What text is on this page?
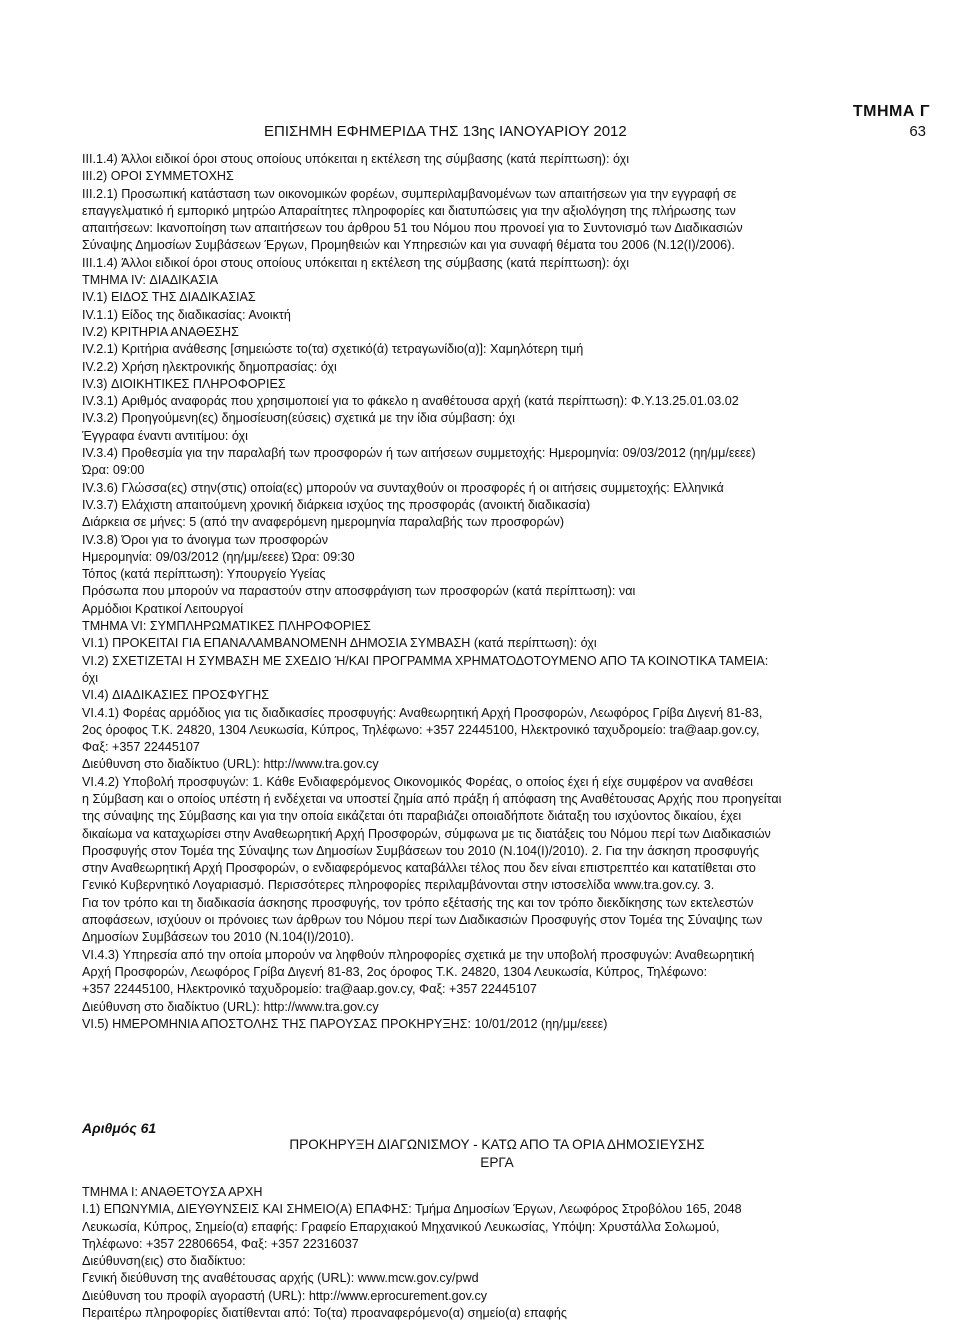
ΤΜΗΜΑ Γ
ΕΠΙΣΗΜΗ ΕΦΗΜΕΡΙΔΑ ΤΗΣ 13ης ΙΑΝΟΥΑΡΙΟΥ 2012	63
III.1.4) Άλλοι ειδικοί όροι στους οποίους υπόκειται η εκτέλεση της σύμβασης (κατά περίπτωση): όχι
III.2) ΟΡΟΙ ΣΥΜΜΕΤΟΧΗΣ
III.2.1) Προσωπική κατάσταση των οικονομικών φορέων, συμπεριλαμβανομένων των απαιτήσεων για την εγγραφή σε
επαγγελματικό ή εμπορικό μητρώο Απαραίτητες πληροφορίες και διατυπώσεις για την αξιολόγηση της πλήρωσης των
απαιτήσεων: Ικανοποίηση των απαιτήσεων του άρθρου 51 του Νόμου που προνοεί για το Συντονισμό των Διαδικασιών
Σύναψης Δημοσίων Συμβάσεων Έργων, Προμηθειών και Υπηρεσιών και για συναφή θέματα του 2006 (Ν.12(Ι)/2006).
III.1.4) Άλλοι ειδικοί όροι στους οποίους υπόκειται η εκτέλεση της σύμβασης (κατά περίπτωση): όχι
ΤΜΗΜΑ IV: ΔΙΑΔΙΚΑΣΙΑ
IV.1) ΕΙΔΟΣ ΤΗΣ ΔΙΑΔΙΚΑΣΙΑΣ
IV.1.1) Είδος της διαδικασίας: Ανοικτή
IV.2) ΚΡΙΤΗΡΙΑ ΑΝΑΘΕΣΗΣ
IV.2.1) Κριτήρια ανάθεσης [σημειώστε το(τα) σχετικό(ά) τετραγωνίδιο(α)]: Χαμηλότερη τιμή
IV.2.2) Χρήση ηλεκτρονικής δημοπρασίας: όχι
IV.3) ΔΙΟΙΚΗΤΙΚΕΣ ΠΛΗΡΟΦΟΡΙΕΣ
IV.3.1) Αριθμός αναφοράς που χρησιμοποιεί για το φάκελο η αναθέτουσα αρχή (κατά περίπτωση): Φ.Υ.13.25.01.03.02
IV.3.2) Προηγούμενη(ες) δημοσίευση(εύσεις) σχετικά με την ίδια σύμβαση: όχι
Έγγραφα έναντι αντιτίμου: όχι
IV.3.4) Προθεσμία για την παραλαβή των προσφορών ή των αιτήσεων συμμετοχής: Ημερομηνία: 09/03/2012 (ηη/μμ/εεεε)
Ώρα: 09:00
IV.3.6) Γλώσσα(ες) στην(στις) οποία(ες) μπορούν να συνταχθούν οι προσφορές ή οι αιτήσεις συμμετοχής: Ελληνικά
IV.3.7) Ελάχιστη απαιτούμενη χρονική διάρκεια ισχύος της προσφοράς (ανοικτή διαδικασία)
Διάρκεια σε μήνες: 5 (από την αναφερόμενη ημερομηνία παραλαβής των προσφορών)
IV.3.8) Όροι για το άνοιγμα των προσφορών
Ημερομηνία: 09/03/2012 (ηη/μμ/εεεε) Ώρα: 09:30
Τόπος (κατά περίπτωση): Υπουργείο Υγείας
Πρόσωπα που μπορούν να παραστούν στην αποσφράγιση των προσφορών (κατά περίπτωση): ναι
Αρμόδιοι Κρατικοί Λειτουργοί
ΤΜΗΜΑ VI: ΣΥΜΠΛΗΡΩΜΑΤΙΚΕΣ ΠΛΗΡΟΦΟΡΙΕΣ
VI.1) ΠΡΟΚΕΙΤΑΙ ΓΙΑ ΕΠΑΝΑΛΑΜΒΑΝΟΜΕΝΗ ΔΗΜΟΣΙΑ ΣΥΜΒΑΣΗ (κατά περίπτωση): όχι
VI.2) ΣΧΕΤΙΖΕΤΑΙ Η ΣΥΜΒΑΣΗ ΜΕ ΣΧΕΔΙΟ Ή/ΚΑΙ ΠΡΟΓΡΑΜΜΑ ΧΡΗΜΑΤΟΔΟΤΟΥΜΕΝΟ ΑΠΟ ΤΑ ΚΟΙΝΟΤΙΚΑ ΤΑΜΕΙΑ:
όχι
VI.4) ΔΙΑΔΙΚΑΣΙΕΣ ΠΡΟΣΦΥΓΗΣ
VI.4.1) Φορέας αρμόδιος για τις διαδικασίες προσφυγής: Αναθεωρητική Αρχή Προσφορών, Λεωφόρος Γρίβα Διγενή 81-83,
2ος όροφος Τ.Κ. 24820, 1304 Λευκωσία, Κύπρος, Τηλέφωνο: +357 22445100, Ηλεκτρονικό ταχυδρομείο: tra@aap.gov.cy,
Φαξ: +357 22445107
Διεύθυνση στο διαδίκτυο (URL): http://www.tra.gov.cy
VI.4.2) Υποβολή προσφυγών: 1. Κάθε Ενδιαφερόμενος Οικονομικός Φορέας, ο οποίος έχει ή είχε συμφέρον να αναθέσει
η Σύμβαση και ο οποίος υπέστη ή ενδέχεται να υποστεί ζημία από πράξη ή απόφαση της Αναθέτουσας Αρχής που προηγείται
της σύναψης της Σύμβασης και για την οποία εικάζεται ότι παραβιάζει οποιαδήποτε διάταξη του ισχύοντος δικαίου, έχει
δικαίωμα να καταχωρίσει στην Αναθεωρητική Αρχή Προσφορών, σύμφωνα με τις διατάξεις του Νόμου περί των Διαδικασιών
Προσφυγής στον Τομέα της Σύναψης των Δημοσίων Συμβάσεων του 2010 (Ν.104(Ι)/2010). 2. Για την άσκηση προσφυγής
στην Αναθεωρητική Αρχή Προσφορών, ο ενδιαφερόμενος καταβάλλει τέλος που δεν είναι επιστρεπτέο και κατατίθεται στο
Γενικό Κυβερνητικό Λογαριασμό. Περισσότερες πληροφορίες περιλαμβάνονται στην ιστοσελίδα www.tra.gov.cy. 3.
Για τον τρόπο και τη διαδικασία άσκησης προσφυγής, τον τρόπο εξέτασής της και τον τρόπο διεκδίκησης των εκτελεστών
αποφάσεων, ισχύουν οι πρόνοιες των άρθρων του Νόμου περί των Διαδικασιών Προσφυγής στον Τομέα της Σύναψης των
Δημοσίων Συμβάσεων του 2010 (Ν.104(Ι)/2010).
VI.4.3) Υπηρεσία από την οποία μπορούν να ληφθούν πληροφορίες σχετικά με την υποβολή προσφυγών: Αναθεωρητική
Αρχή Προσφορών, Λεωφόρος Γρίβα Διγενή 81-83, 2ος όροφος Τ.Κ. 24820, 1304 Λευκωσία, Κύπρος, Τηλέφωνο:
+357 22445100, Ηλεκτρονικό ταχυδρομείο: tra@aap.gov.cy, Φαξ: +357 22445107
Διεύθυνση στο διαδίκτυο (URL): http://www.tra.gov.cy
VI.5) ΗΜΕΡΟΜΗΝΙΑ ΑΠΟΣΤΟΛΗΣ ΤΗΣ ΠΑΡΟΥΣΑΣ ΠΡΟΚΗΡΥΞΗΣ: 10/01/2012 (ηη/μμ/εεεε)
Αριθμός 61
ΠΡΟΚΗΡΥΞΗ ΔΙΑΓΩΝΙΣΜΟΥ - ΚΑΤΩ ΑΠΟ ΤΑ ΟΡΙΑ ΔΗΜΟΣΙΕΥΣΗΣ
ΕΡΓΑ
ΤΜΗΜΑ Ι: ΑΝΑΘΕΤΟΥΣΑ ΑΡΧΗ
Ι.1) ΕΠΩΝΥΜΙΑ, ΔΙΕΥΘΥΝΣΕΙΣ ΚΑΙ ΣΗΜΕΙΟ(Α) ΕΠΑΦΗΣ: Τμήμα Δημοσίων Έργων, Λεωφόρος Στροβόλου 165, 2048
Λευκωσία, Κύπρος, Σημείο(α) επαφής: Γραφείο Επαρχιακού Μηχανικού Λευκωσίας, Υπόψη: Χρυστάλλα Σολωμού,
Τηλέφωνο: +357 22806654, Φαξ: +357 22316037
Διεύθυνση(εις) στο διαδίκτυο:
Γενική διεύθυνση της αναθέτουσας αρχής (URL): www.mcw.gov.cy/pwd
Διεύθυνση του προφίλ αγοραστή (URL): http://www.eprocurement.gov.cy
Περαιτέρω πληροφορίες διατίθενται από: Το(τα) προαναφερόμενο(α) σημείο(α) επαφής
